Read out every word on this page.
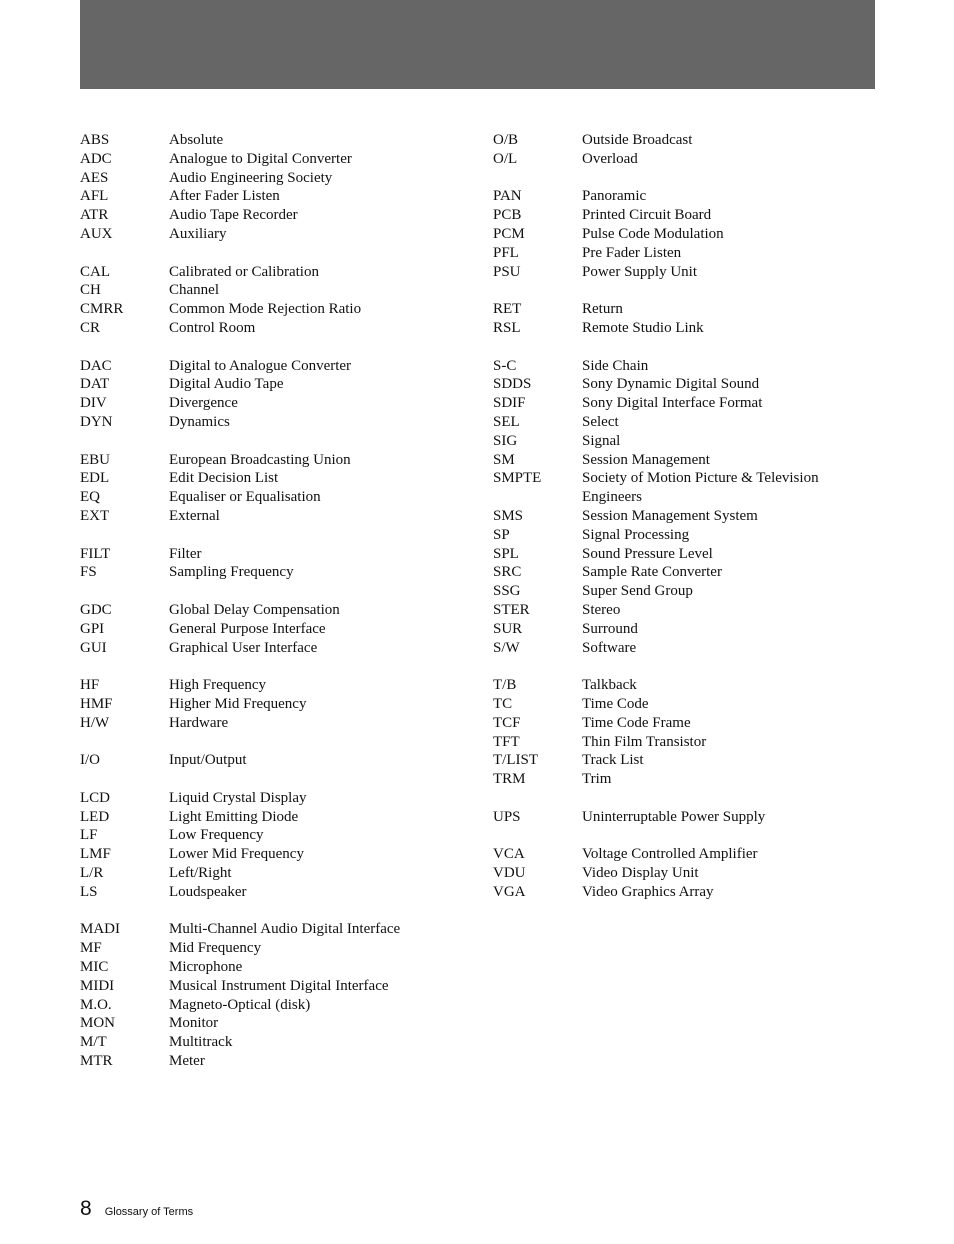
ABS	Absolute
ADC	Analogue to Digital Converter
AES	Audio Engineering Society
AFL	After Fader Listen
ATR	Audio Tape Recorder
AUX	Auxiliary
CAL	Calibrated or Calibration
CH	Channel
CMRR	Common Mode Rejection Ratio
CR	Control Room
DAC	Digital to Analogue Converter
DAT	Digital Audio Tape
DIV	Divergence
DYN	Dynamics
EBU	European Broadcasting Union
EDL	Edit Decision List
EQ	Equaliser or Equalisation
EXT	External
FILT	Filter
FS	Sampling Frequency
GDC	Global Delay Compensation
GPI	General Purpose Interface
GUI	Graphical User Interface
HF	High Frequency
HMF	Higher Mid Frequency
H/W	Hardware
I/O	Input/Output
LCD	Liquid Crystal Display
LED	Light Emitting Diode
LF	Low Frequency
LMF	Lower Mid Frequency
L/R	Left/Right
LS	Loudspeaker
MADI	Multi-Channel Audio Digital Interface
MF	Mid Frequency
MIC	Microphone
MIDI	Musical Instrument Digital Interface
M.O.	Magneto-Optical (disk)
MON	Monitor
M/T	Multitrack
MTR	Meter
O/B	Outside Broadcast
O/L	Overload
PAN	Panoramic
PCB	Printed Circuit Board
PCM	Pulse Code Modulation
PFL	Pre Fader Listen
PSU	Power Supply Unit
RET	Return
RSL	Remote Studio Link
S-C	Side Chain
SDDS	Sony Dynamic Digital Sound
SDIF	Sony Digital Interface Format
SEL	Select
SIG	Signal
SM	Session Management
SMPTE	Society of Motion Picture & Television
Engineers
SMS	Session Management System
SP	Signal Processing
SPL	Sound Pressure Level
SRC	Sample Rate Converter
SSG	Super Send Group
STER	Stereo
SUR	Surround
S/W	Software
T/B	Talkback
TC	Time Code
TCF	Time Code Frame
TFT	Thin Film Transistor
T/LIST	Track List
TRM	Trim
UPS	Uninterruptable Power Supply
VCA	Voltage Controlled Amplifier
VDU	Video Display Unit
VGA	Video Graphics Array
8 Glossary of Terms
